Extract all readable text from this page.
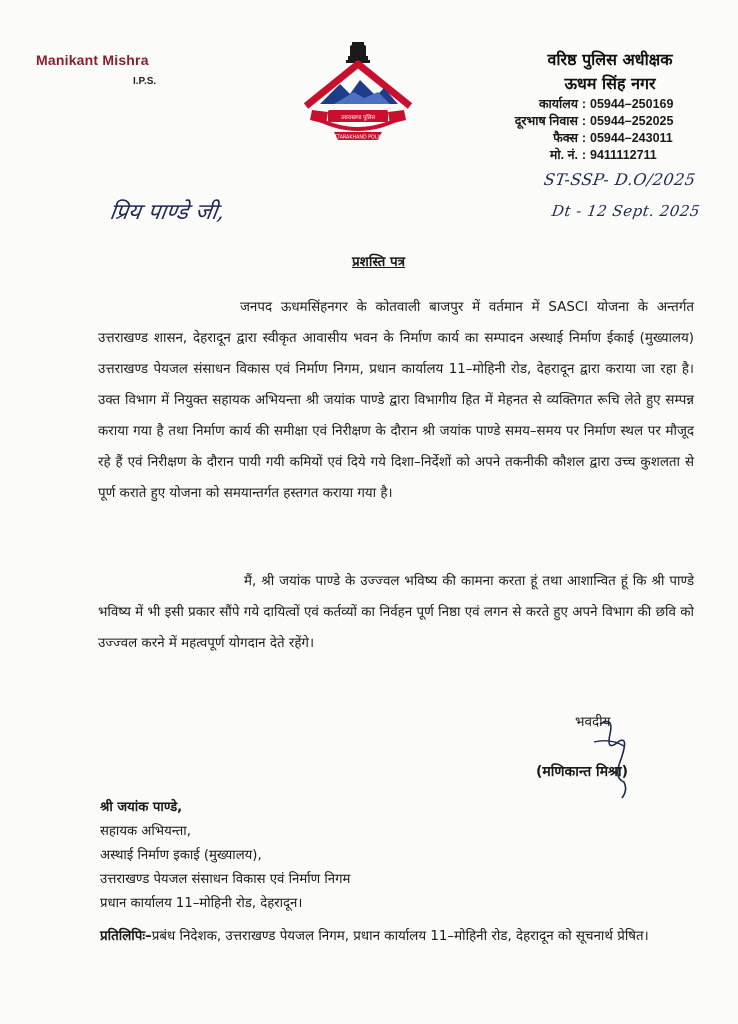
Manikant Mishra
I.P.S.
उत्तराखण्ड पुलिस
UTTARAKHAND POLICE
वरिष्ठ पुलिस अधीक्षक
ऊधम सिंह नगर
कार्यालय : 05944–250169
दूरभाष निवास : 05944–252025
फैक्स : 05944–243011
मो. नं. : 9411112711
ST-SSP- D.O/2025
Dt - 12 Sept. 2025
प्रिय पाण्डे जी,
प्रशस्ति पत्र

जनपद ऊधमसिंहनगर के कोतवाली बाजपुर में वर्तमान में SASCI योजना के अन्तर्गत उत्तराखण्ड शासन, देहरादून द्वारा स्वीकृत आवासीय भवन के निर्माण कार्य का सम्पादन अस्थाई निर्माण ईकाई (मुख्यालय) उत्तराखण्ड पेयजल संसाधन विकास एवं निर्माण निगम, प्रधान कार्यालय 11–मोहिनी रोड, देहरादून द्वारा कराया जा रहा है। उक्त विभाग में नियुक्त सहायक अभियन्ता श्री जयांक पाण्डे द्वारा विभागीय हित में मेहनत से व्यक्तिगत रूचि लेते हुए सम्पन्न कराया गया है तथा निर्माण कार्य की समीक्षा एवं निरीक्षण के दौरान श्री जयांक पाण्डे समय–समय पर निर्माण स्थल पर मौजूद रहे हैं एवं निरीक्षण के दौरान पायी गयी कमियों एवं दिये गये दिशा–निर्देशों को अपने तकनीकी कौशल द्वारा उच्च कुशलता से पूर्ण कराते हुए योजना को समयान्तर्गत हस्तगत कराया गया है।

मैं, श्री जयांक पाण्डे के उज्ज्वल भविष्य की कामना करता हूं तथा आशान्वित हूं कि श्री पाण्डे भविष्य में भी इसी प्रकार सौंपे गये दायित्वों एवं कर्तव्यों का निर्वहन पूर्ण निष्ठा एवं लगन से करते हुए अपने विभाग की छवि को उज्ज्वल करने में महत्वपूर्ण योगदान देते रहेंगे।

भवदीय
(मणिकान्त मिश्रा)
श्री जयांक पाण्डे,
सहायक अभियन्ता,
अस्थाई निर्माण इकाई (मुख्यालय),
उत्तराखण्ड पेयजल संसाधन विकास एवं निर्माण निगम
प्रधान कार्यालय 11–मोहिनी रोड, देहरादून।
प्रतिलिपिः–प्रबंध निदेशक, उत्तराखण्ड पेयजल निगम, प्रधान कार्यालय 11–मोहिनी रोड, देहरादून को सूचनार्थ प्रेषित।
